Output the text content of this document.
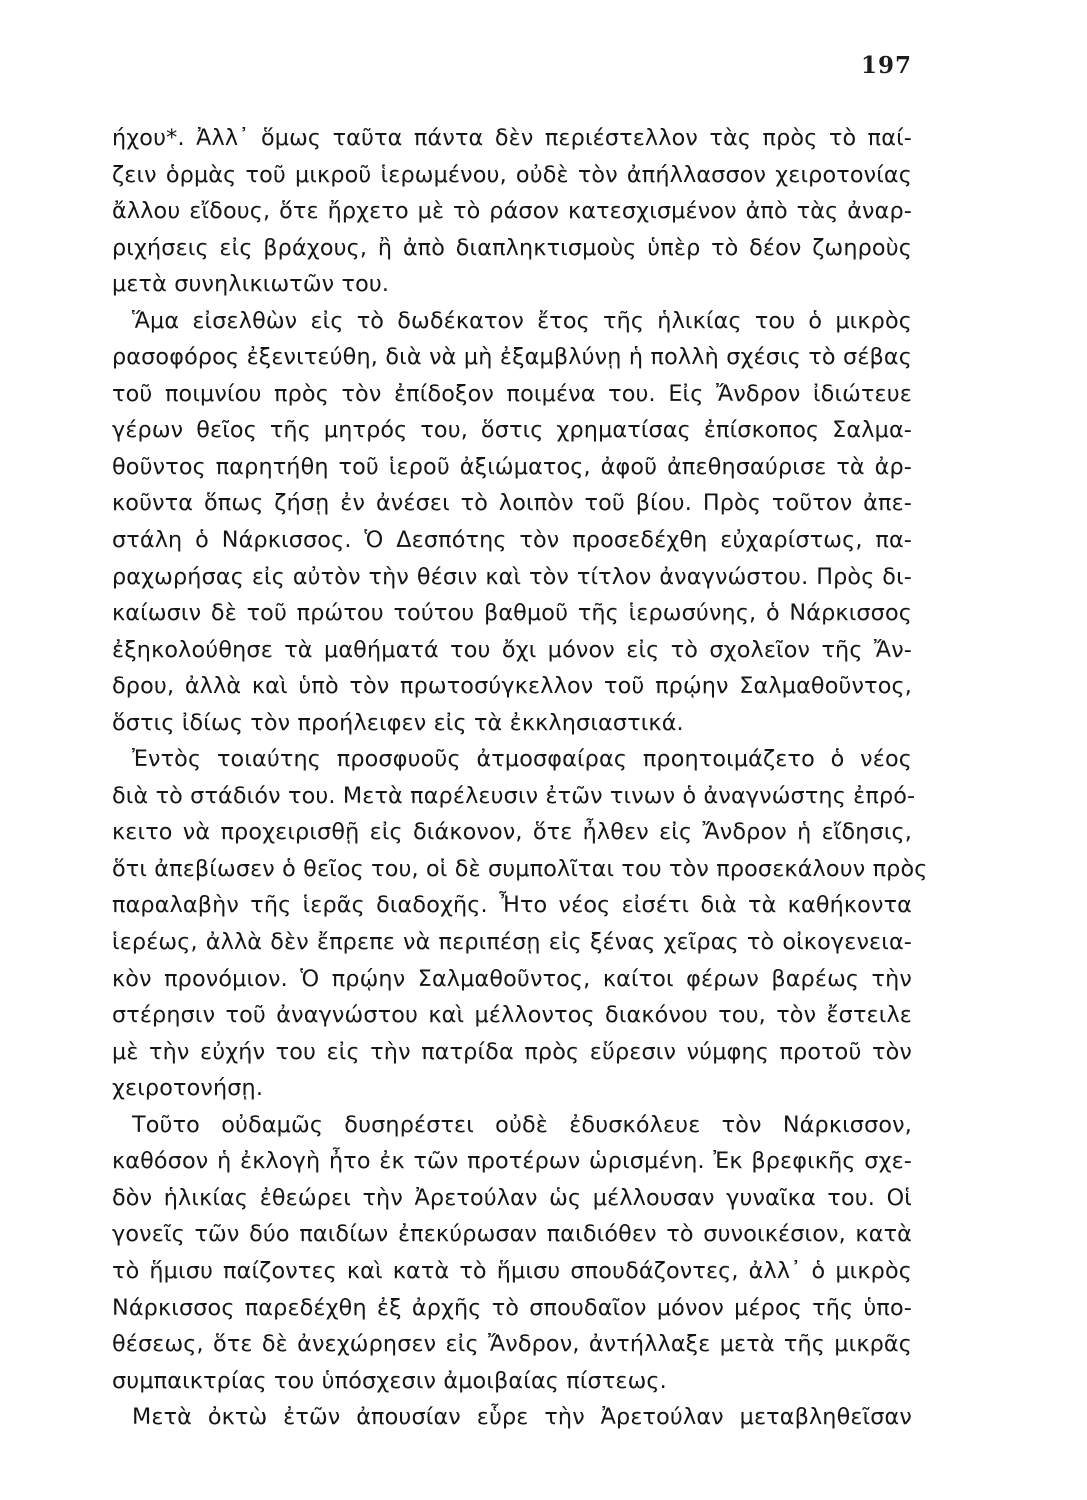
197
ήχου*. Ἀλλ᾽ ὅμως ταῦτα πάντα δὲν περιέστελλον τὰς πρὸς τὸ παί-
ζειν ὁρμὰς τοῦ μικροῦ ἱερωμένου, οὐδὲ τὸν ἀπήλλασσον χειροτονίας
ἄλλου εἴδους, ὅτε ἤρχετο μὲ τὸ ράσον κατεσχισμένον ἀπὸ τὰς ἀναρ-
ριχήσεις εἰς βράχους, ἢ ἀπὸ διαπληκτισμοὺς ὑπὲρ τὸ δέον ζωηροὺς
μετὰ συνηλικιωτῶν του.
Ἅμα εἰσελθὼν εἰς τὸ δωδέκατον ἔτος τῆς ἡλικίας του ὁ μικρὸς
ρασοφόρος ἐξενιτεύθη, διὰ νὰ μὴ ἐξαμβλύνῃ ἡ πολλὴ σχέσις τὸ σέβας
τοῦ ποιμνίου πρὸς τὸν ἐπίδοξον ποιμένα του. Εἰς Ἄνδρον ἰδιώτευε
γέρων θεῖος τῆς μητρός του, ὅστις χρηματίσας ἐπίσκοπος Σαλμα-
θοῦντος παρητήθη τοῦ ἱεροῦ ἀξιώματος, ἀφοῦ ἀπεθησαύρισε τὰ ἀρ-
κοῦντα ὅπως ζήσῃ ἐν ἀνέσει τὸ λοιπὸν τοῦ βίου. Πρὸς τοῦτον ἀπε-
στάλη ὁ Νάρκισσος. Ὁ Δεσπότης τὸν προσεδέχθη εὐχαρίστως, πα-
ραχωρήσας εἰς αὐτὸν τὴν θέσιν καὶ τὸν τίτλον ἀναγνώστου. Πρὸς δι-
καίωσιν δὲ τοῦ πρώτου τούτου βαθμοῦ τῆς ἱερωσύνης, ὁ Νάρκισσος
ἐξηκολούθησε τὰ μαθήματά του ὄχι μόνον εἰς τὸ σχολεῖον τῆς Ἄν-
δρου, ἀλλὰ καὶ ὑπὸ τὸν πρωτοσύγκελλον τοῦ πρῴην Σαλμαθοῦντος,
ὅστις ἰδίως τὸν προήλειφεν εἰς τὰ ἐκκλησιαστικά.
Ἐντὸς τοιαύτης προσφυοῦς ἀτμοσφαίρας προητοιμάζετο ὁ νέος
διὰ τὸ στάδιόν του. Μετὰ παρέλευσιν ἐτῶν τινων ὁ ἀναγνώστης ἐπρό-
κειτο νὰ προχειρισθῇ εἰς διάκονον, ὅτε ἦλθεν εἰς Ἄνδρον ἡ εἴδησις,
ὅτι ἀπεβίωσεν ὁ θεῖος του, οἱ δὲ συμπολῖται του τὸν προσεκάλουν πρὸς
παραλαβὴν τῆς ἱερᾶς διαδοχῆς. Ἦτο νέος εἰσέτι διὰ τὰ καθήκοντα
ἱερέως, ἀλλὰ δὲν ἔπρεπε νὰ περιπέσῃ εἰς ξένας χεῖρας τὸ οἰκογενεια-
κὸν προνόμιον. Ὁ πρῴην Σαλμαθοῦντος, καίτοι φέρων βαρέως τὴν
στέρησιν τοῦ ἀναγνώστου καὶ μέλλοντος διακόνου του, τὸν ἔστειλε
μὲ τὴν εὐχήν του εἰς τὴν πατρίδα πρὸς εὕρεσιν νύμφης προτοῦ τὸν
χειροτονήσῃ.
Τοῦτο οὐδαμῶς δυσηρέστει οὐδὲ ἐδυσκόλευε τὸν Νάρκισσον,
καθόσον ἡ ἐκλογὴ ἦτο ἐκ τῶν προτέρων ὡρισμένη. Ἐκ βρεφικῆς σχε-
δὸν ἡλικίας ἐθεώρει τὴν Ἀρετούλαν ὡς μέλλουσαν γυναῖκα του. Οἱ
γονεῖς τῶν δύο παιδίων ἐπεκύρωσαν παιδιόθεν τὸ συνοικέσιον, κατὰ
τὸ ἥμισυ παίζοντες καὶ κατὰ τὸ ἥμισυ σπουδάζοντες, ἀλλ᾽ ὁ μικρὸς
Νάρκισσος παρεδέχθη ἐξ ἀρχῆς τὸ σπουδαῖον μόνον μέρος τῆς ὑπο-
θέσεως, ὅτε δὲ ἀνεχώρησεν εἰς Ἄνδρον, ἀντήλλαξε μετὰ τῆς μικρᾶς
συμπαικτρίας του ὑπόσχεσιν ἀμοιβαίας πίστεως.
Μετὰ ὀκτὼ ἐτῶν ἀπουσίαν εὗρε τὴν Ἀρετούλαν μεταβληθεῖσαν
